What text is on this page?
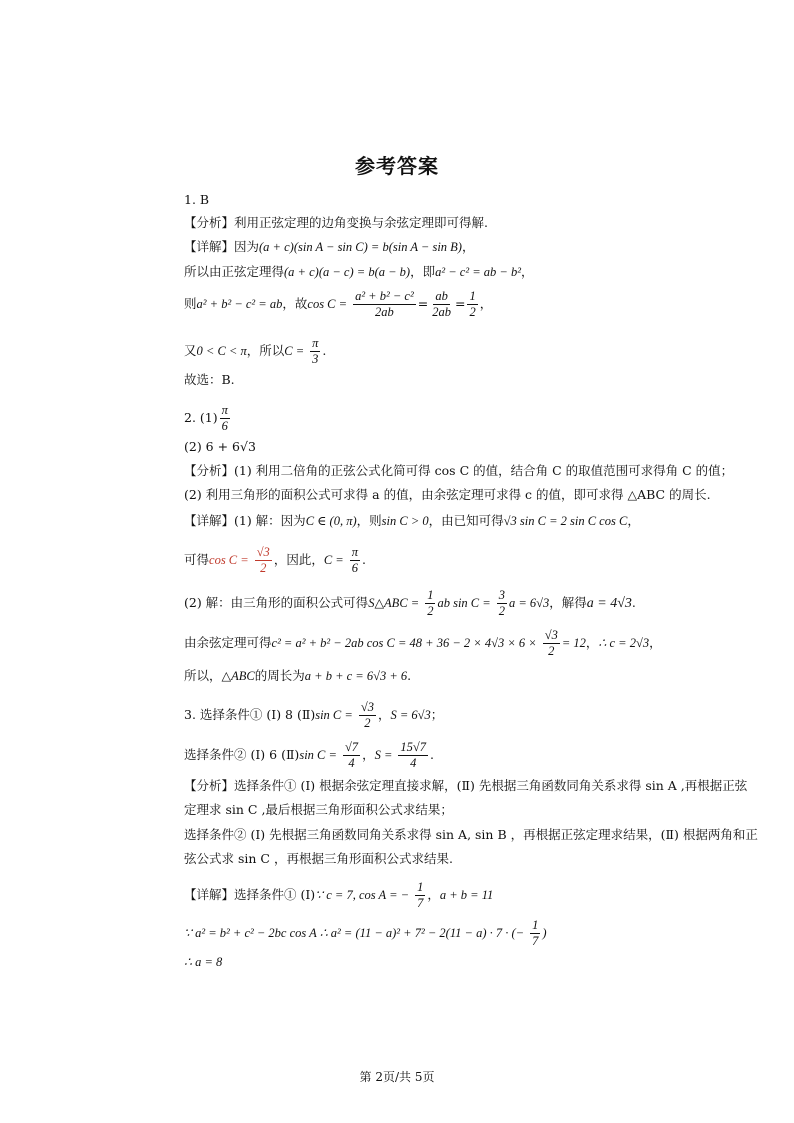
参考答案
1. B
【分析】利用正弦定理的边角变换与余弦定理即可得解.
【详解】因为(a + c)(sin A − sin C) = b(sin A − sin B)，
所以由正弦定理得(a + c)(a − c) = b(a − b)，即a² − c² = ab − b²，
则a² + b² − c² = ab，故$\cos C = \frac{\text{a² + b² − c²}}{2ab} = \frac{ab}{2ab} = \frac{1}{2}$ ，
又0 < C < π，所以$C = \frac{\pi}{3}$ .
故选：B.
2. $(1) \frac{\pi}{6}$
(2) 6 + 6√3
【分析】(1) 利用二倍角的正弦公式化简可得 cos C 的值，结合角 C 的取值范围可求得角 C 的值；
(2) 利用三角形的面积公式可求得 a 的值，由余弦定理可求得 c 的值，即可求得 △ABC 的周长.
【详解】(1) 解：因为C ∈ (0, π)，则sin C > 0，由已知可得√3 sin C = 2 sin C cos C，
可得$\cos C = \frac{√3}{2}$ ，因此，$C = \frac{\pi}{6}$ .
(2) 解：由三角形的面积公式可得S△ABC = $\frac{1}{2}$ ab $\sin C = \frac{3}{2}$ a = 6√3，解得a = 4√3.
由余弦定理可得c² = a² + b² − 2ab $\cos C = 48 + 36 - 2 \times 4√3 \times 6 \times \frac{√3}{2} = 12$，∴ c = 2√3，
所以，△ABC的周长为a + b + c = 6√3 + 6.
3. 选择条件① (Ⅰ) 8 (Ⅱ)sin $C = \frac{√3}{2}$ ，S = 6√3；
选择条件② (Ⅰ) 6 (Ⅱ)sin $C = \frac{√7}{4}$ ，$S = \frac{15√7}{4}$ .
【分析】选择条件① (Ⅰ) 根据余弦定理直接求解，(Ⅱ) 先根据三角函数同角关系求得 sin A ,再根据正弦
定理求 sin C ,最后根据三角形面积公式求结果；
选择条件② (Ⅰ) 先根据三角函数同角关系求得 sin A, sin B ，再根据正弦定理求结果，(Ⅱ) 根据两角和正
弦公式求 sin C ，再根据三角形面积公式求结果.
【详解】选择条件① (Ⅰ)∵ c = 7, cos A = − $\frac{1}{7}$ ，a + b = 11
∵ a² = b² + c² − 2bc cos A ∴ a² = (11 − a)² + 7² − 2(11 − a) · 7 · (− $\frac{1}{7}$ )
∴ a = 8
第 2页/共 5页
